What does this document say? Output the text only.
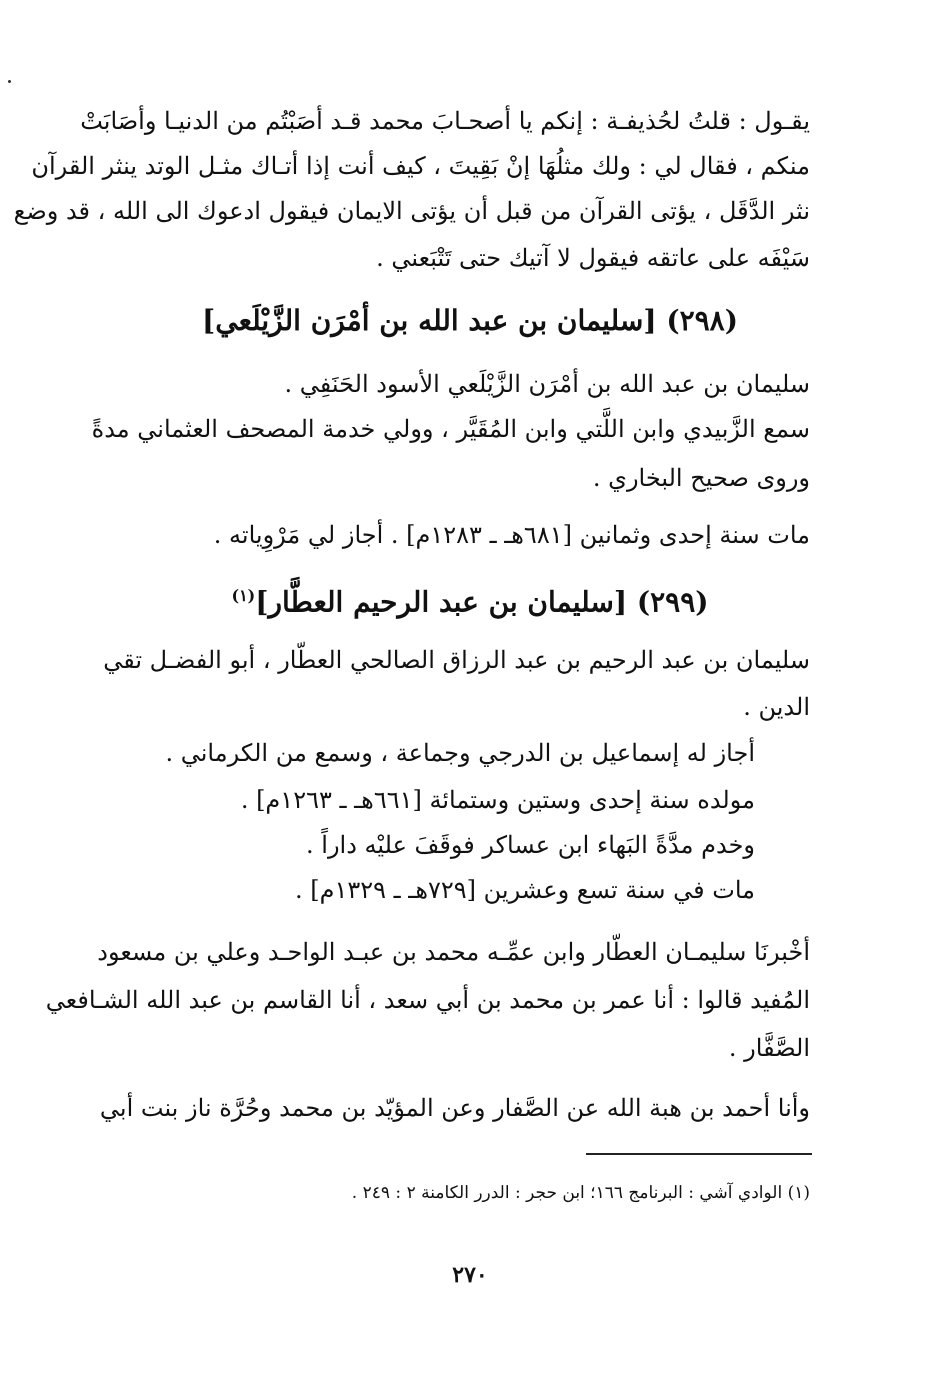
يقـول : قلتُ لحُذيفـة : إنكم يا أصحـابَ محمد قـد أصَبْتُم من الدنيـا وأصَابَتْ
منكم ، فقال لي : ولك مثلُهَا إنْ بَقِيتَ ، كيف أنت إذا أتـاك مثـل الوتد ينثر القرآن
نثر الدَّقَل ، يؤتى القرآن من قبل أن يؤتى الايمان فيقول ادعوك الى الله ، قد وضع
سَيْفَه على عاتقه فيقول لا آتيك حتى تَتْبَعني .
(٢٩٨) [سليمان بن عبد الله بن أمْرَن الزَّيْلَعي]
سليمان بن عبد الله بن أمْرَن الزَّيْلَعي الأسود الحَنَفِي .
سمع الزَّبيدي وابن اللَّتي وابن المُقَيَّر ، وولي خدمة المصحف العثماني مدةً
وروى صحيح البخاري .
مات سنة إحدى وثمانين [٦٨١هـ ـ ١٢٨٣م] . أجاز لي مَرْوِياته .
(٢٩٩) [سليمان بن عبد الرحيم العطَّار]$^{(١)}$
سليمان بن عبد الرحيم بن عبد الرزاق الصالحي العطّار ، أبو الفضـل تقي
الدين .
أجاز له إسماعيل بن الدرجي وجماعة ، وسمع من الكرماني .
مولده سنة إحدى وستين وستمائة [٦٦١هـ ـ ١٢٦٣م] .
وخدم مدَّةً البَهاء ابن عساكر فوقَفَ عليْه داراً .
مات في سنة تسع وعشرين [٧٢٩هـ ـ ١٣٢٩م] .
أخْبرنَا سليمـان العطّار وابن عمِّـه محمد بن عبـد الواحـد وعلي بن مسعود
المُفيد قالوا : أنا عمر بن محمد بن أبي سعد ، أنا القاسم بن عبد الله الشـافعي
الصَّفَّار .
وأنا أحمد بن هبة الله عن الصَّفار وعن المؤيّد بن محمد وحُرَّة ناز بنت أبي
(١) الوادي آشي : البرنامج ١٦٦؛ ابن حجر : الدرر الكامنة ٢ : ٢٤٩ .
٢٧٠
